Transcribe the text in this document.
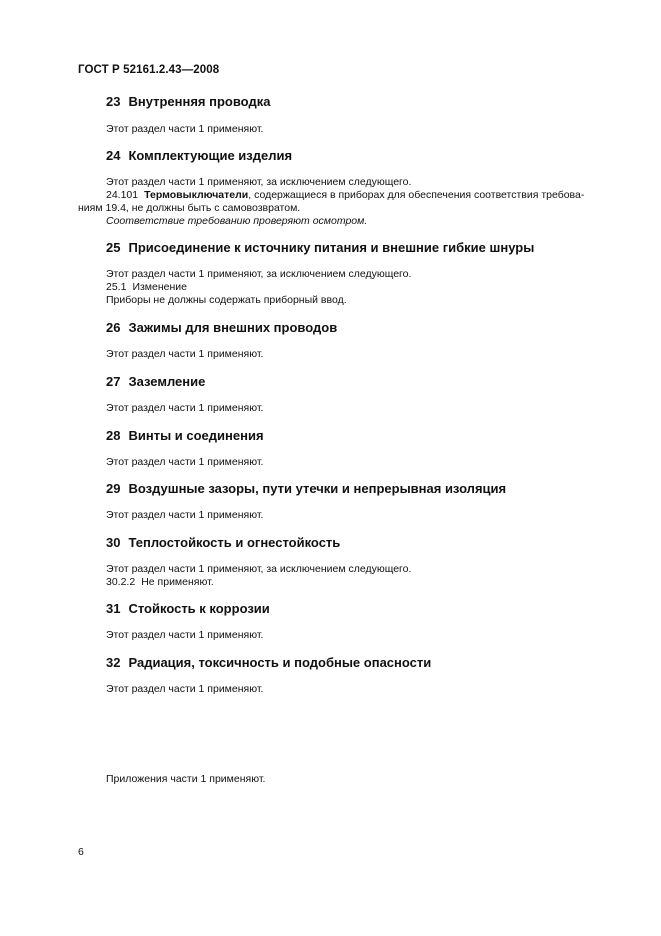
ГОСТ Р 52161.2.43—2008
23 Внутренняя проводка
Этот раздел части 1 применяют.
24 Комплектующие изделия
Этот раздел части 1 применяют, за исключением следующего.
24.101 Термовыключатели, содержащиеся в приборах для обеспечения соответствия требова-
ниям 19.4, не должны быть с самовозвратом.
Соответствие требованию проверяют осмотром.
25 Присоединение к источнику питания и внешние гибкие шнуры
Этот раздел части 1 применяют, за исключением следующего.
25.1 Изменение
Приборы не должны содержать приборный ввод.
26 Зажимы для внешних проводов
Этот раздел части 1 применяют.
27 Заземление
Этот раздел части 1 применяют.
28 Винты и соединения
Этот раздел части 1 применяют.
29 Воздушные зазоры, пути утечки и непрерывная изоляция
Этот раздел части 1 применяют.
30 Теплостойкость и огнестойкость
Этот раздел части 1 применяют, за исключением следующего.
30.2.2 Не применяют.
31 Стойкость к коррозии
Этот раздел части 1 применяют.
32 Радиация, токсичность и подобные опасности
Этот раздел части 1 применяют.
Приложения части 1 применяют.
6
